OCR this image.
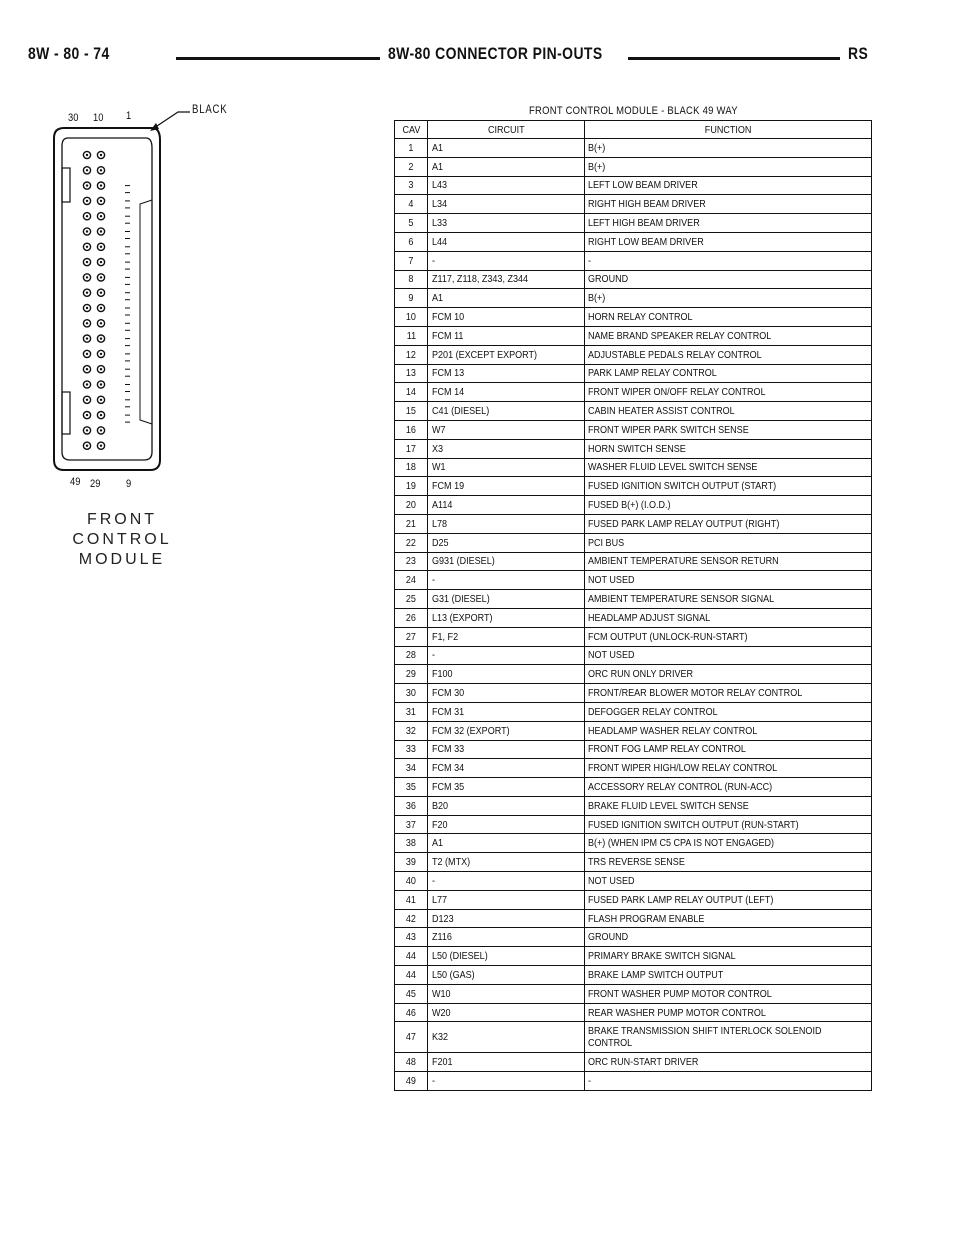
8W - 80 - 74	8W-80 CONNECTOR PIN-OUTS	RS
30 10 1	BLACK
49 29 9
FRONT
CONTROL
MODULE
FRONT CONTROL MODULE - BLACK 49 WAY
CAV	CIRCUIT	FUNCTION
1	A1	B(+)
2	A1	B(+)
3	L43	LEFT LOW BEAM DRIVER
4	L34	RIGHT HIGH BEAM DRIVER
5	L33	LEFT HIGH BEAM DRIVER
6	L44	RIGHT LOW BEAM DRIVER
7	-	-
8	Z117, Z118, Z343, Z344	GROUND
9	A1	B(+)
10	FCM 10	HORN RELAY CONTROL
11	FCM 11	NAME BRAND SPEAKER RELAY CONTROL
12	P201 (EXCEPT EXPORT)	ADJUSTABLE PEDALS RELAY CONTROL
13	FCM 13	PARK LAMP RELAY CONTROL
14	FCM 14	FRONT WIPER ON/OFF RELAY CONTROL
15	C41 (DIESEL)	CABIN HEATER ASSIST CONTROL
16	W7	FRONT WIPER PARK SWITCH SENSE
17	X3	HORN SWITCH SENSE
18	W1	WASHER FLUID LEVEL SWITCH SENSE
19	FCM 19	FUSED IGNITION SWITCH OUTPUT (START)
20	A114	FUSED B(+) (I.O.D.)
21	L78	FUSED PARK LAMP RELAY OUTPUT (RIGHT)
22	D25	PCI BUS
23	G931 (DIESEL)	AMBIENT TEMPERATURE SENSOR RETURN
24	-	NOT USED
25	G31 (DIESEL)	AMBIENT TEMPERATURE SENSOR SIGNAL
26	L13 (EXPORT)	HEADLAMP ADJUST SIGNAL
27	F1, F2	FCM OUTPUT (UNLOCK-RUN-START)
28	-	NOT USED
29	F100	ORC RUN ONLY DRIVER
30	FCM 30	FRONT/REAR BLOWER MOTOR RELAY CONTROL
31	FCM 31	DEFOGGER RELAY CONTROL
32	FCM 32 (EXPORT)	HEADLAMP WASHER RELAY CONTROL
33	FCM 33	FRONT FOG LAMP RELAY CONTROL
34	FCM 34	FRONT WIPER HIGH/LOW RELAY CONTROL
35	FCM 35	ACCESSORY RELAY CONTROL (RUN-ACC)
36	B20	BRAKE FLUID LEVEL SWITCH SENSE
37	F20	FUSED IGNITION SWITCH OUTPUT (RUN-START)
38	A1	B(+) (WHEN IPM C5 CPA IS NOT ENGAGED)
39	T2 (MTX)	TRS REVERSE SENSE
40	-	NOT USED
41	L77	FUSED PARK LAMP RELAY OUTPUT (LEFT)
42	D123	FLASH PROGRAM ENABLE
43	Z116	GROUND
44	L50 (DIESEL)	PRIMARY BRAKE SWITCH SIGNAL
44	L50 (GAS)	BRAKE LAMP SWITCH OUTPUT
45	W10	FRONT WASHER PUMP MOTOR CONTROL
46	W20	REAR WASHER PUMP MOTOR CONTROL
47	K32	BRAKE TRANSMISSION SHIFT INTERLOCK SOLENOID CONTROL
48	F201	ORC RUN-START DRIVER
49	-	-
